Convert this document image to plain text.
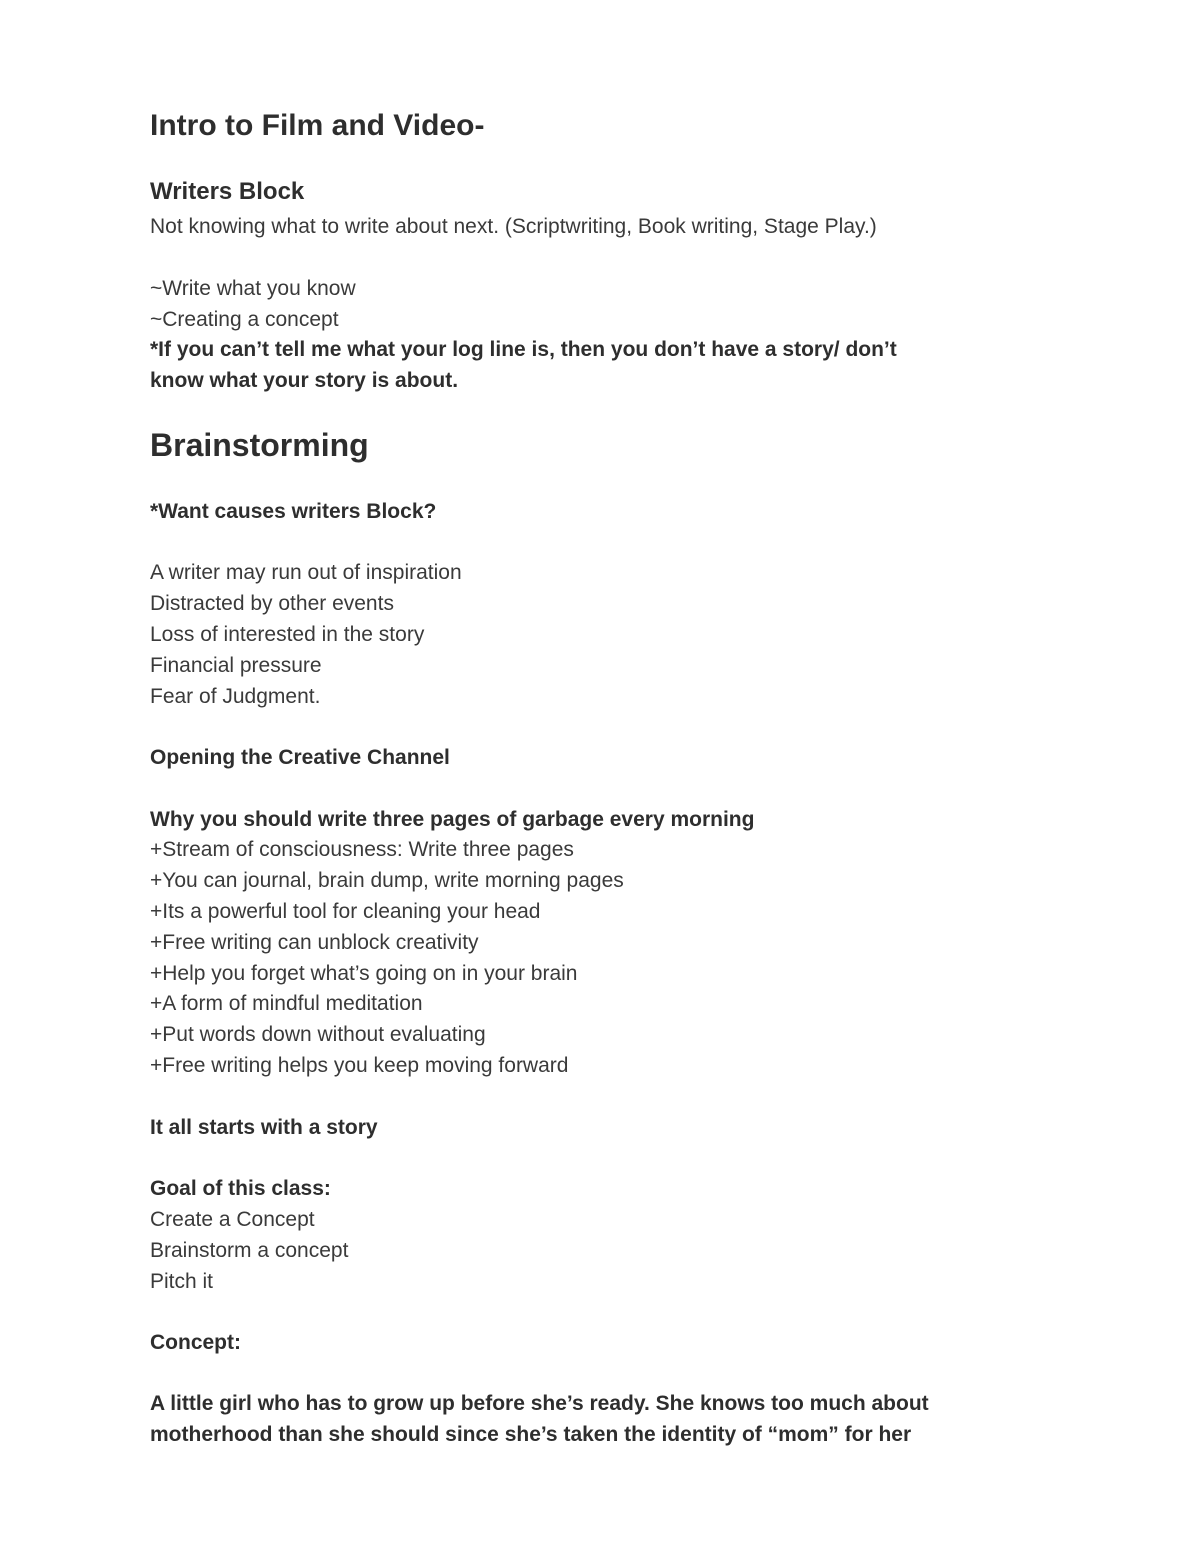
Intro to Film and Video-
Writers Block
Not knowing what to write about next. (Scriptwriting, Book writing, Stage Play.)
~Write what you know
~Creating a concept
*If you can’t tell me what your log line is, then you don’t have a story/ don’t
know what your story is about.
Brainstorming
*Want causes writers Block?
A writer may run out of inspiration
Distracted by other events
Loss of interested in the story
Financial pressure
Fear of Judgment.
Opening the Creative Channel
Why you should write three pages of garbage every morning
+Stream of consciousness: Write three pages
+You can journal, brain dump, write morning pages
+Its a powerful tool for cleaning your head
+Free writing can unblock creativity
+Help you forget what’s going on in your brain
+A form of mindful meditation
+Put words down without evaluating
+Free writing helps you keep moving forward
It all starts with a story
Goal of this class:
Create a Concept
Brainstorm a concept
Pitch it
Concept:
A little girl who has to grow up before she’s ready. She knows too much about
motherhood than she should since she’s taken the identity of “mom” for her
